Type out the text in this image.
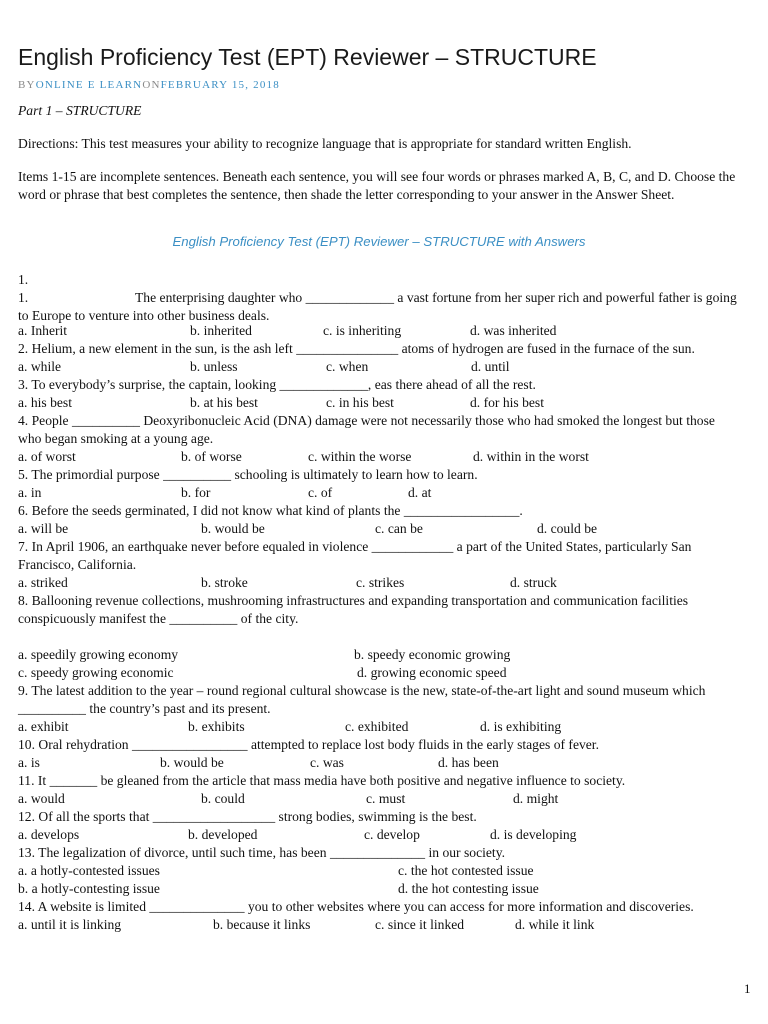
English Proficiency Test (EPT) Reviewer – STRUCTURE
BYONLINE E LEARNONFEBRUARY 15, 2018
Part 1 – STRUCTURE
Directions: This test measures your ability to recognize language that is appropriate for standard written English.
Items 1-15 are incomplete sentences. Beneath each sentence, you will see four words or phrases marked A, B, C, and D. Choose the word or phrase that best completes the sentence, then shade the letter corresponding to your answer in the Answer Sheet.
English Proficiency Test (EPT) Reviewer – STRUCTURE with Answers
1.
1.	The enterprising daughter who _____________ a vast fortune from her super rich and powerful father is going to Europe to venture into other business deals.
a. Inherit	b. inherited	c. is inheriting	d. was inherited
2. Helium, a new element in the sun, is the ash left _______________ atoms of hydrogen are fused in the furnace of the sun.
a. while	b. unless	c. when	d. until
3. To everybody’s surprise, the captain, looking _____________, eas there ahead of all the rest.
a. his best	b. at his best	c. in his best	d. for his best
4. People __________ Deoxyribonucleic Acid (DNA) damage were not necessarily those who had smoked the longest but those who began smoking at a young age.
a. of worst	b. of worse	c. within the worse	d. within in the worst
5. The primordial purpose __________ schooling is ultimately to learn how to learn.
a. in	b. for	c. of	d. at
6. Before the seeds germinated, I did not know what kind of plants the _________________.
a. will be	b. would be	c. can be	d. could be
7. In April 1906, an earthquake never before equaled in violence ____________ a part of the United States, particularly San Francisco, California.
a. striked	b. stroke	c. strikes	d. struck
8. Ballooning revenue collections, mushrooming infrastructures and expanding transportation and communication facilities conspicuously manifest the __________ of the city.
a. speedily growing economy	b. speedy economic growing
c. speedy growing economic	d. growing economic speed
9. The latest addition to the year – round regional cultural showcase is the new, state-of-the-art light and sound museum which __________ the country’s past and its present.
a. exhibit	b. exhibits	c. exhibited	d. is exhibiting
10. Oral rehydration _________________ attempted to replace lost body fluids in the early stages of fever.
a. is	b. would be	c. was	d. has been
11. It _______ be gleaned from the article that mass media have both positive and negative influence to society.
a. would	b. could	c. must	d. might
12. Of all the sports that __________________ strong bodies, swimming is the best.
a. develops	b. developed	c. develop	d. is developing
13. The legalization of divorce, until such time, has been ______________ in our society.
a. a hotly-contested issues	c. the hot contested issue
b. a hotly-contesting issue	d. the hot contesting issue
14. A website is limited ______________ you to other websites where you can access for more information and discoveries.
a. until it is linking	b. because it links	c. since it linked	d. while it link
1
